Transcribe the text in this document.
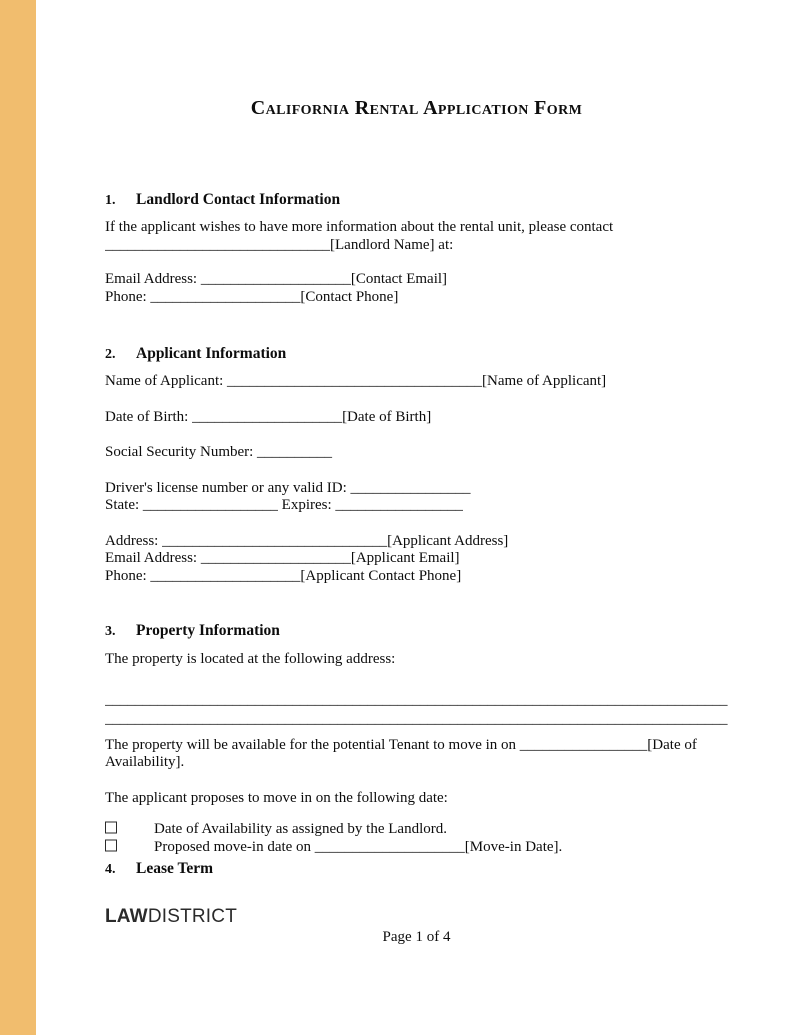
California Rental Application Form
1. Landlord Contact Information
If the applicant wishes to have more information about the rental unit, please contact
______________________________[Landlord Name] at:
Email Address: ____________________[Contact Email]
Phone: ____________________[Contact Phone]
2. Applicant Information
Name of Applicant: __________________________________[Name of Applicant]
Date of Birth: ____________________[Date of Birth]
Social Security Number: __________
Driver's license number or any valid ID: ________________
State: __________________ Expires: _________________
Address: ______________________________[Applicant Address]
Email Address: ____________________[Applicant Email]
Phone: ____________________[Applicant Contact Phone]
3. Property Information
The property is located at the following address:
___________________________________________________________________________________
___________________________________________________________________________________
The property will be available for the potential Tenant to move in on _________________[Date of
Availability].
The applicant proposes to move in on the following date:
Date of Availability as assigned by the Landlord.
Proposed move-in date on ____________________[Move-in Date].
4. Lease Term
LAWDISTRICT
Page 1 of 4
